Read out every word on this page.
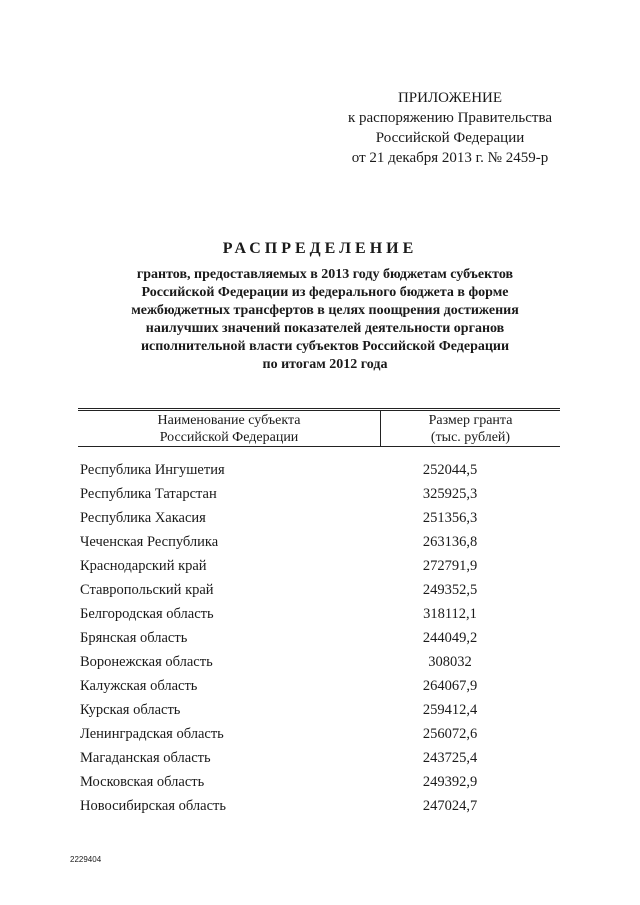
ПРИЛОЖЕНИЕ
к распоряжению Правительства
Российской Федерации
от 21 декабря 2013 г. № 2459-р
РАСПРЕДЕЛЕНИЕ
грантов, предоставляемых в 2013 году бюджетам субъектов
Российской Федерации из федерального бюджета в форме
межбюджетных трансфертов в целях поощрения достижения
наилучших значений показателей деятельности органов
исполнительной власти субъектов Российской Федерации
по итогам 2012 года
Наименование субъекта
Российской Федерации
Размер гранта
(тыс. рублей)
Республика Ингушетия	252044,5
Республика Татарстан	325925,3
Республика Хакасия	251356,3
Чеченская Республика	263136,8
Краснодарский край	272791,9
Ставропольский край	249352,5
Белгородская область	318112,1
Брянская область	244049,2
Воронежская область	308032
Калужская область	264067,9
Курская область	259412,4
Ленинградская область	256072,6
Магаданская область	243725,4
Московская область	249392,9
Новосибирская область	247024,7
2229404
